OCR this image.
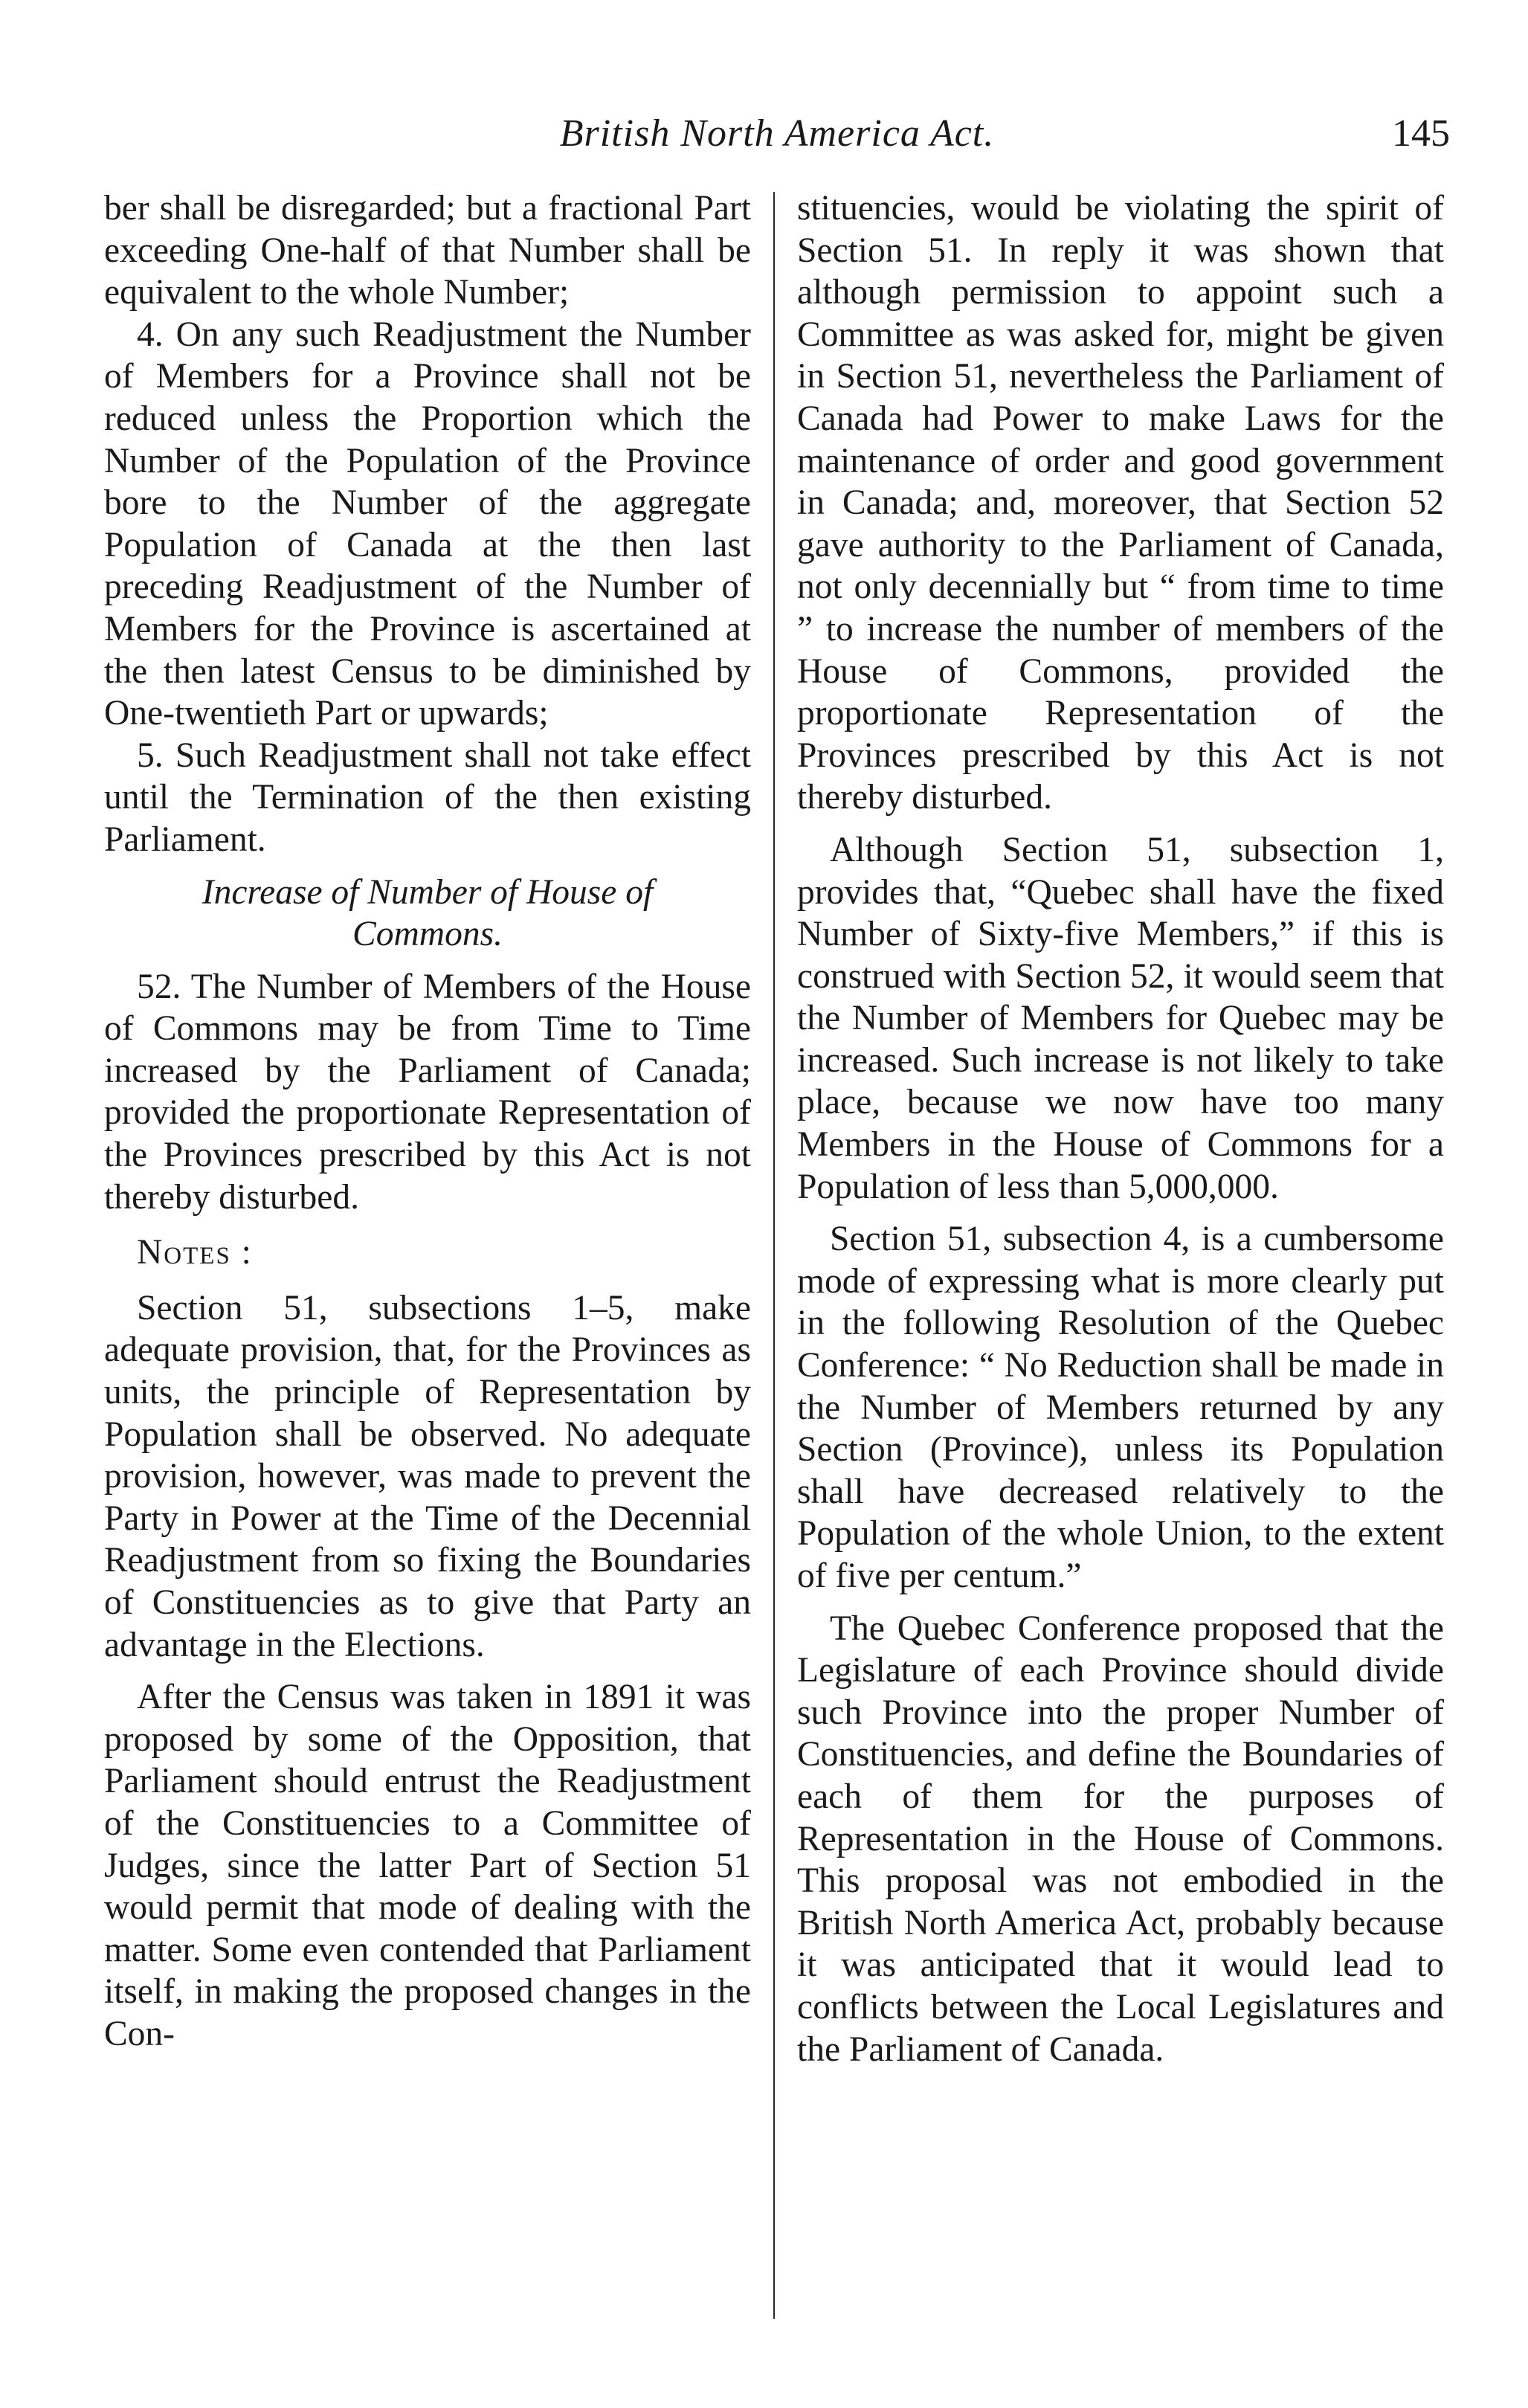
British North America Act.	145

ber shall be disregarded; but a fractional Part exceeding One-half of that Number shall be equivalent to the whole Number;

4. On any such Readjustment the Number of Members for a Province shall not be reduced unless the Proportion which the Number of the Population of the Province bore to the Number of the aggregate Population of Canada at the then last preceding Readjustment of the Number of Members for the Province is ascertained at the then latest Census to be diminished by One-twentieth Part or upwards;

5. Such Readjustment shall not take effect until the Termination of the then existing Parliament.

Increase of Number of House of Commons.

52. The Number of Members of the House of Commons may be from Time to Time increased by the Parliament of Canada; provided the proportionate Representation of the Provinces prescribed by this Act is not thereby disturbed.

Notes :

Section 51, subsections 1–5, make adequate provision, that, for the Provinces as units, the principle of Representation by Population shall be observed. No adequate provision, however, was made to prevent the Party in Power at the Time of the Decennial Readjustment from so fixing the Boundaries of Constituencies as to give that Party an advantage in the Elections.

After the Census was taken in 1891 it was proposed by some of the Opposition, that Parliament should entrust the Readjustment of the Constituencies to a Committee of Judges, since the latter Part of Section 51 would permit that mode of dealing with the matter. Some even contended that Parliament itself, in making the proposed changes in the Con-

stituencies, would be violating the spirit of Section 51. In reply it was shown that although permission to appoint such a Committee as was asked for, might be given in Section 51, nevertheless the Parliament of Canada had Power to make Laws for the maintenance of order and good government in Canada; and, moreover, that Section 52 gave authority to the Parliament of Canada, not only decennially but “ from time to time ” to increase the number of members of the House of Commons, provided the proportionate Representation of the Provinces prescribed by this Act is not thereby disturbed.

Although Section 51, subsection 1, provides that, “Quebec shall have the fixed Number of Sixty-five Members,” if this is construed with Section 52, it would seem that the Number of Members for Quebec may be increased. Such increase is not likely to take place, because we now have too many Members in the House of Commons for a Population of less than 5,000,000.

Section 51, subsection 4, is a cumbersome mode of expressing what is more clearly put in the following Resolution of the Quebec Conference: “ No Reduction shall be made in the Number of Members returned by any Section (Province), unless its Population shall have decreased relatively to the Population of the whole Union, to the extent of five per centum.”

The Quebec Conference proposed that the Legislature of each Province should divide such Province into the proper Number of Constituencies, and define the Boundaries of each of them for the purposes of Representation in the House of Commons. This proposal was not embodied in the British North America Act, probably because it was anticipated that it would lead to conflicts between the Local Legislatures and the Parliament of Canada.
